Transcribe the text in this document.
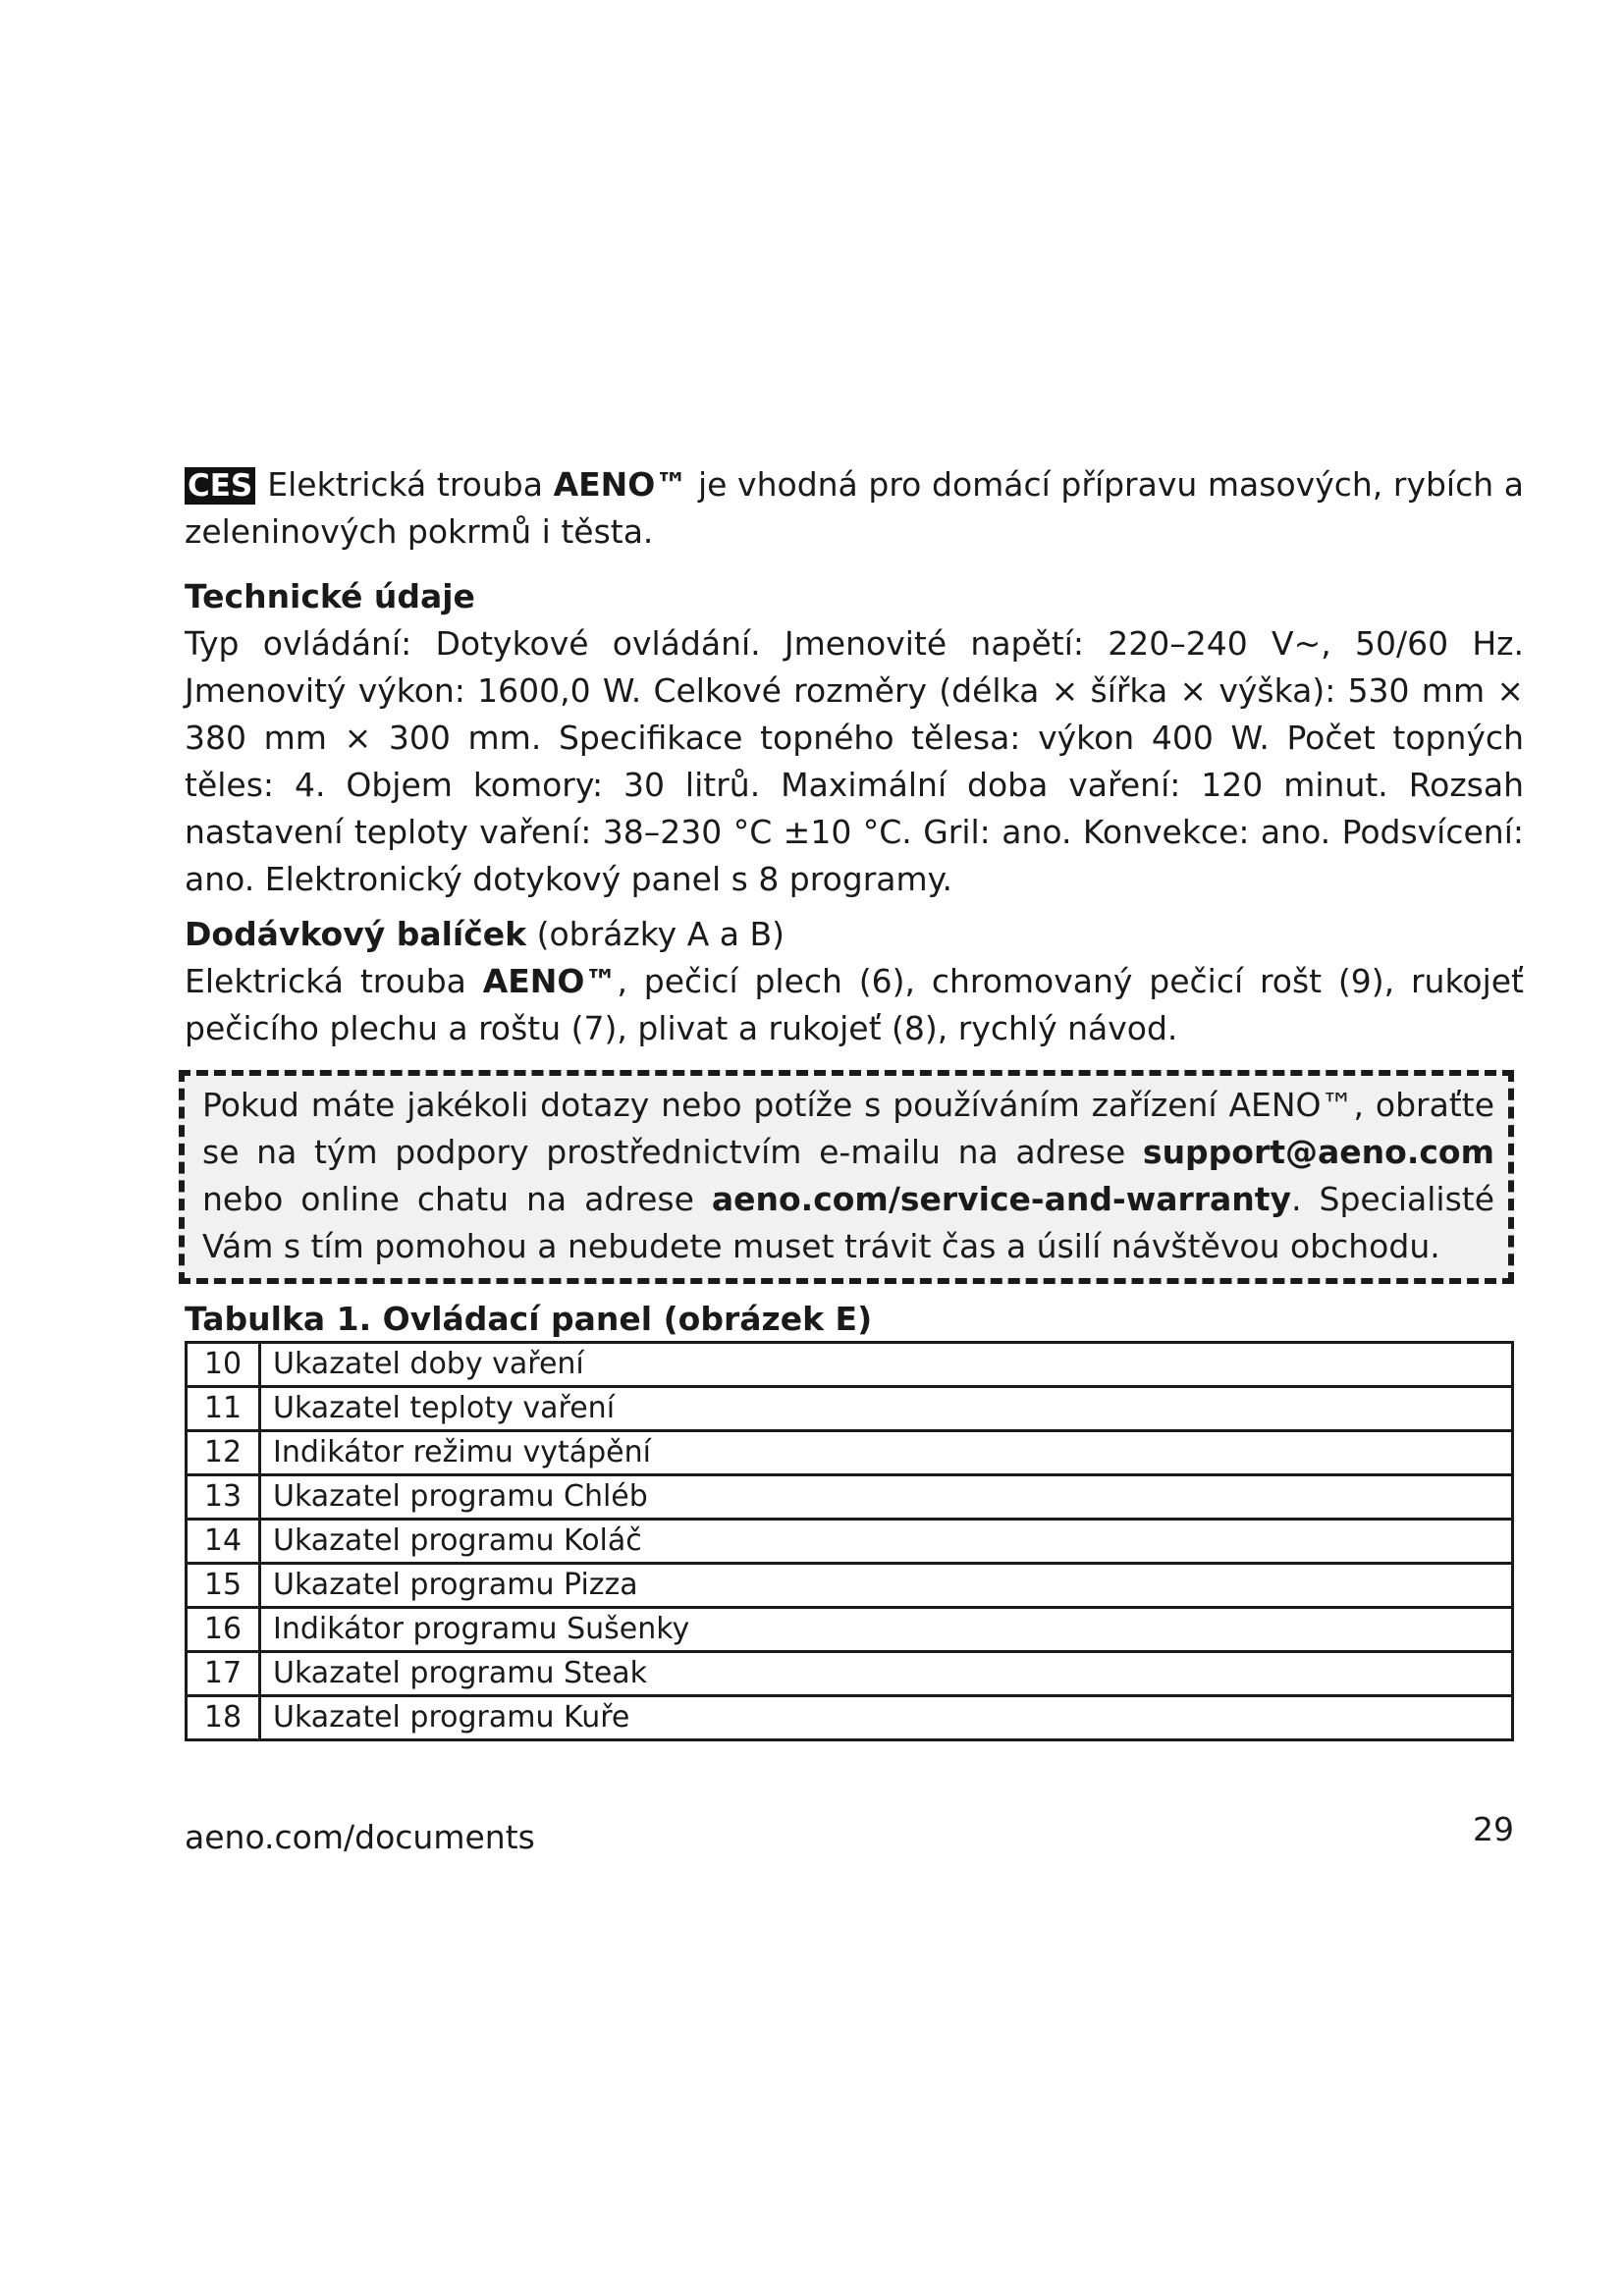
CES Elektrická trouba AENO™ je vhodná pro domácí přípravu masových, rybích a zeleninových pokrmů i těsta.

Technické údaje

Typ ovládání: Dotykové ovládání. Jmenovité napětí: 220–240 V~, 50/60 Hz. Jmenovitý výkon: 1600,0 W. Celkové rozměry (délka × šířka × výška): 530 mm × 380 mm × 300 mm. Specifikace topného tělesa: výkon 400 W. Počet topných těles: 4. Objem komory: 30 litrů. Maximální doba vaření: 120 minut. Rozsah nastavení teploty vaření: 38–230 °C ±10 °C. Gril: ano. Konvekce: ano. Podsvícení: ano. Elektronický dotykový panel s 8 programy.

Dodávkový balíček (obrázky A a B)

Elektrická trouba AENO™, pečicí plech (6), chromovaný pečicí rošt (9), rukojeť pečicího plechu a roštu (7), plivat a rukojeť (8), rychlý návod.

Pokud máte jakékoli dotazy nebo potíže s používáním zařízení AENO™, obraťte se na tým podpory prostřednictvím e-mailu na adrese support@aeno.com nebo online chatu na adrese aeno.com/service-and-warranty. Specialisté Vám s tím pomohou a nebudete muset trávit čas a úsilí návštěvou obchodu.

Tabulka 1. Ovládací panel (obrázek E)

10	Ukazatel doby vaření
11	Ukazatel teploty vaření
12	Indikátor režimu vytápění
13	Ukazatel programu Chléb
14	Ukazatel programu Koláč
15	Ukazatel programu Pizza
16	Indikátor programu Sušenky
17	Ukazatel programu Steak
18	Ukazatel programu Kuře
aeno.com/documents	29
